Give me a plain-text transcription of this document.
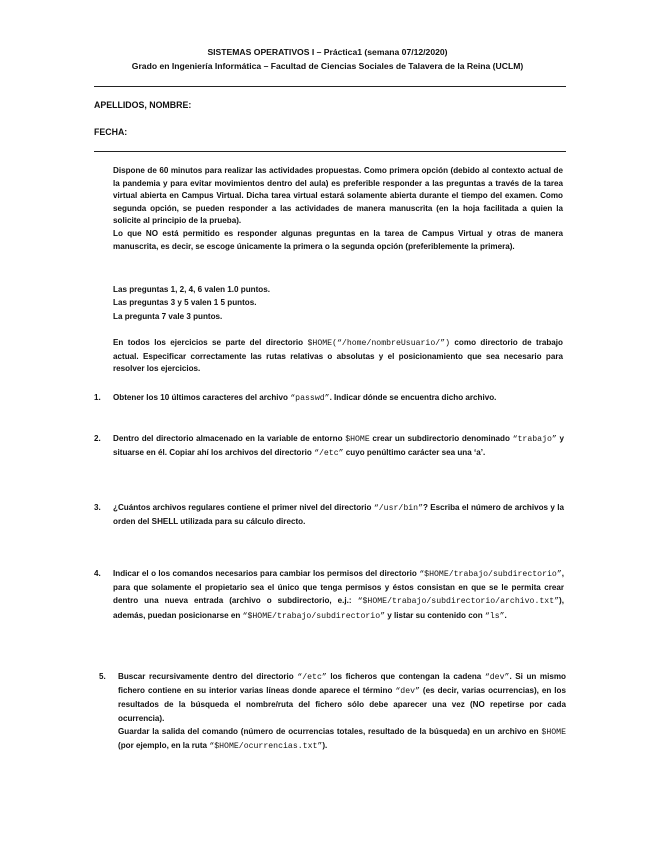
SISTEMAS OPERATIVOS I – Práctica1 (semana 07/12/2020)
Grado en Ingeniería Informática – Facultad de Ciencias Sociales de Talavera de la Reina (UCLM)
APELLIDOS, NOMBRE:
FECHA:

Dispone de 60 minutos para realizar las actividades propuestas. Como primera opción (debido al contexto actual de la pandemia y para evitar movimientos dentro del aula) es preferible responder a las preguntas a través de la tarea virtual abierta en Campus Virtual. Dicha tarea virtual estará solamente abierta durante el tiempo del examen. Como segunda opción, se pueden responder a las actividades de manera manuscrita (en la hoja facilitada a quien la solicite al principio de la prueba).

Lo que NO está permitido es responder algunas preguntas en la tarea de Campus Virtual y otras de manera manuscrita, es decir, se escoge únicamente la primera o la segunda opción (preferiblemente la primera).

Las preguntas 1, 2, 4, 6 valen 1.0 puntos.
Las preguntas 3 y 5 valen 1 5 puntos.
La pregunta 7 vale 3 puntos.

En todos los ejercicios se parte del directorio $HOME(“/home/nombreUsuario/”) como directorio de trabajo actual. Especificar correctamente las rutas relativas o absolutas y el posicionamiento que sea necesario para resolver los ejercicios.

1. Obtener los 10 últimos caracteres del archivo “passwd”. Indicar dónde se encuentra dicho archivo.
2. Dentro del directorio almacenado en la variable de entorno $HOME crear un subdirectorio denominado “trabajo” y situarse en él. Copiar ahí los archivos del directorio “/etc” cuyo penúltimo carácter sea una ‘a’.
3. ¿Cuántos archivos regulares contiene el primer nivel del directorio “/usr/bin”? Escriba el número de archivos y la orden del SHELL utilizada para su cálculo directo.
4. Indicar el o los comandos necesarios para cambiar los permisos del directorio “$HOME/trabajo/subdirectorio”, para que solamente el propietario sea el único que tenga permisos y éstos consistan en que se le permita crear dentro una nueva entrada (archivo o subdirectorio, e.j.: “$HOME/trabajo/subdirectorio/archivo.txt”), además, puedan posicionarse en “$HOME/trabajo/subdirectorio” y listar su contenido con “ls”.
5. Buscar recursivamente dentro del directorio “/etc” los ficheros que contengan la cadena “dev”. Si un mismo fichero contiene en su interior varias líneas donde aparece el término “dev” (es decir, varias ocurrencias), en los resultados de la búsqueda el nombre/ruta del fichero sólo debe aparecer una vez (NO repetirse por cada ocurrencia).

Guardar la salida del comando (número de ocurrencias totales, resultado de la búsqueda) en un archivo en $HOME (por ejemplo, en la ruta “$HOME/ocurrencias.txt”).
